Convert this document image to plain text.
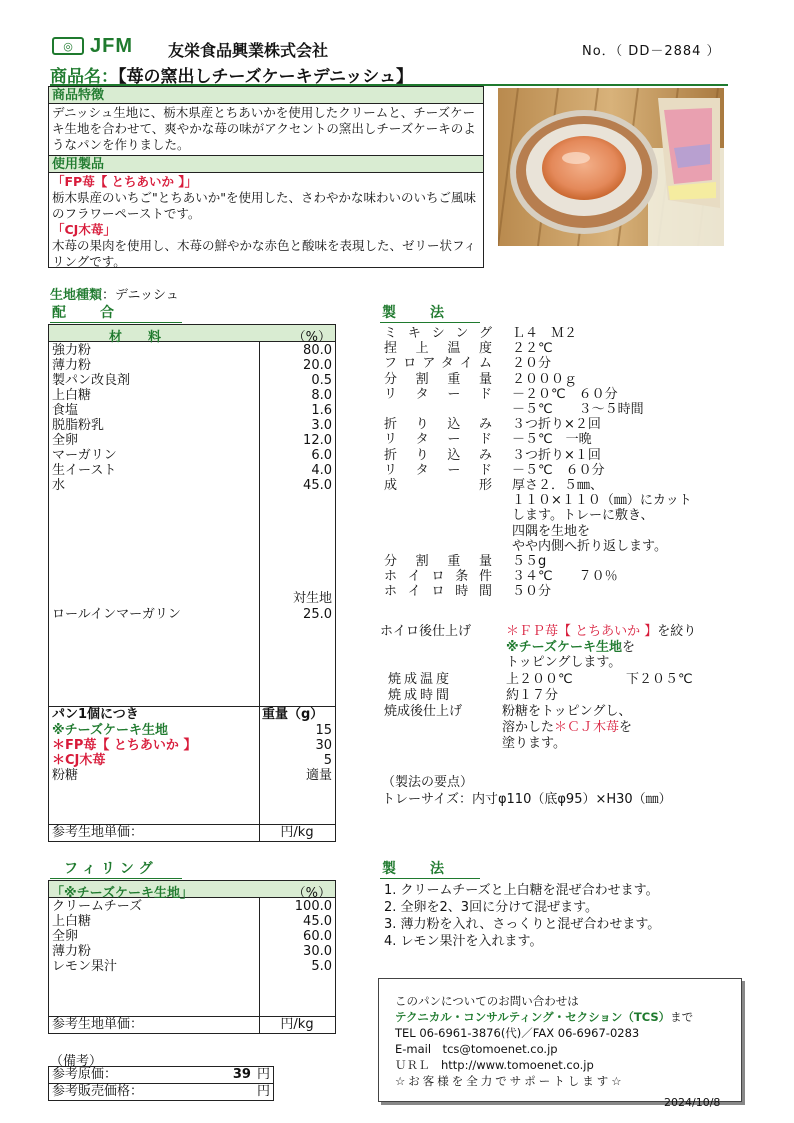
◎ JFM 友栄食品興業株式会社	No．（ DD－2884 ）
商品名：【苺の窯出しチーズケーキデニッシュ】
商品特徴
デニッシュ生地に、栃木県産とちあいかを使用したクリームと、チーズケーキ生地を合わせて、爽やかな苺の味がアクセントの窯出しチーズケーキのようなパンを作りました。
使用製品
「FP苺【 とちあいか 】」
栃木県産のいちご"とちあいか"を使用した、さわやかな味わいのいちご風味のフラワーペーストです。
「CJ木苺」
木苺の果肉を使用し、木苺の鮮やかな赤色と酸味を表現した、ゼリー状フィリングです。
生地種類：デニッシュ
配　　合
材　　料	（%）
強力粉	80.0
薄力粉	20.0
製パン改良剤	0.5
上白糖	8.0
食塩	1.6
脱脂粉乳	3.0
全卵	12.0
マーガリン	6.0
生イースト	4.0
水	45.0
対生地
ロールインマーガリン	25.0
パン1個につき	重量（g）
※チーズケーキ生地	15
＊FP苺【 とちあいか 】	30
＊CJ木苺	5
粉糖	適量
参考生地単価：	円/kg
製　　法
ミキシング	Ｌ４　Ｍ２
捏上温度	２２℃
フロアタイム	２０分
分割重量	２０００ｇ
リタード	－２０℃　６０分
	－５℃　　３～５時間
折り込み	３つ折り×２回
リタード	－５℃　一晩
折り込み	３つ折り×１回
リタード	－５℃　６０分
成形	厚さ２．５㎜、
	１１０×１１０（㎜）にカット
	します。トレーに敷き、
	四隅を生地を
	やや内側へ折り返します。
分割重量	５５g
ホイロ条件	３４℃　　７０％
ホイロ時間	５０分
ホイロ後仕上げ	＊ＦＰ苺【 とちあいか 】を絞り
※チーズケーキ生地を
トッピングします。
焼成温度	上２００℃	下２０５℃
焼成時間	約１７分
焼成後仕上げ	粉糖をトッピングし、
溶かした＊ＣＪ木苺を
塗ります。
（製法の要点）
トレーサイズ：内寸φ110（底φ95）×H30（㎜）
フィリング
「※チーズケーキ生地」	（%）
クリームチーズ	100.0
上白糖	45.0
全卵	60.0
薄力粉	30.0
レモン果汁	5.0
参考生地単価：	円/kg
製　　法
1. クリームチーズと上白糖を混ぜ合わせます。
2. 全卵を2、3回に分けて混ぜます。
3. 薄力粉を入れ、さっくりと混ぜ合わせます。
4. レモン果汁を入れます。
（備考）
参考原価：	39	円
参考販売価格：		円
このパンについてのお問い合わせは
テクニカル・コンサルティング・セクション（TCS）まで
TEL 06-6961-3876(代)／FAX 06-6967-0283
E-mail　tcs@tomoenet.co.jp
ＵＲＬ　http://www.tomoenet.co.jp
☆お客様を全力でサポートします☆
2024/10/8
